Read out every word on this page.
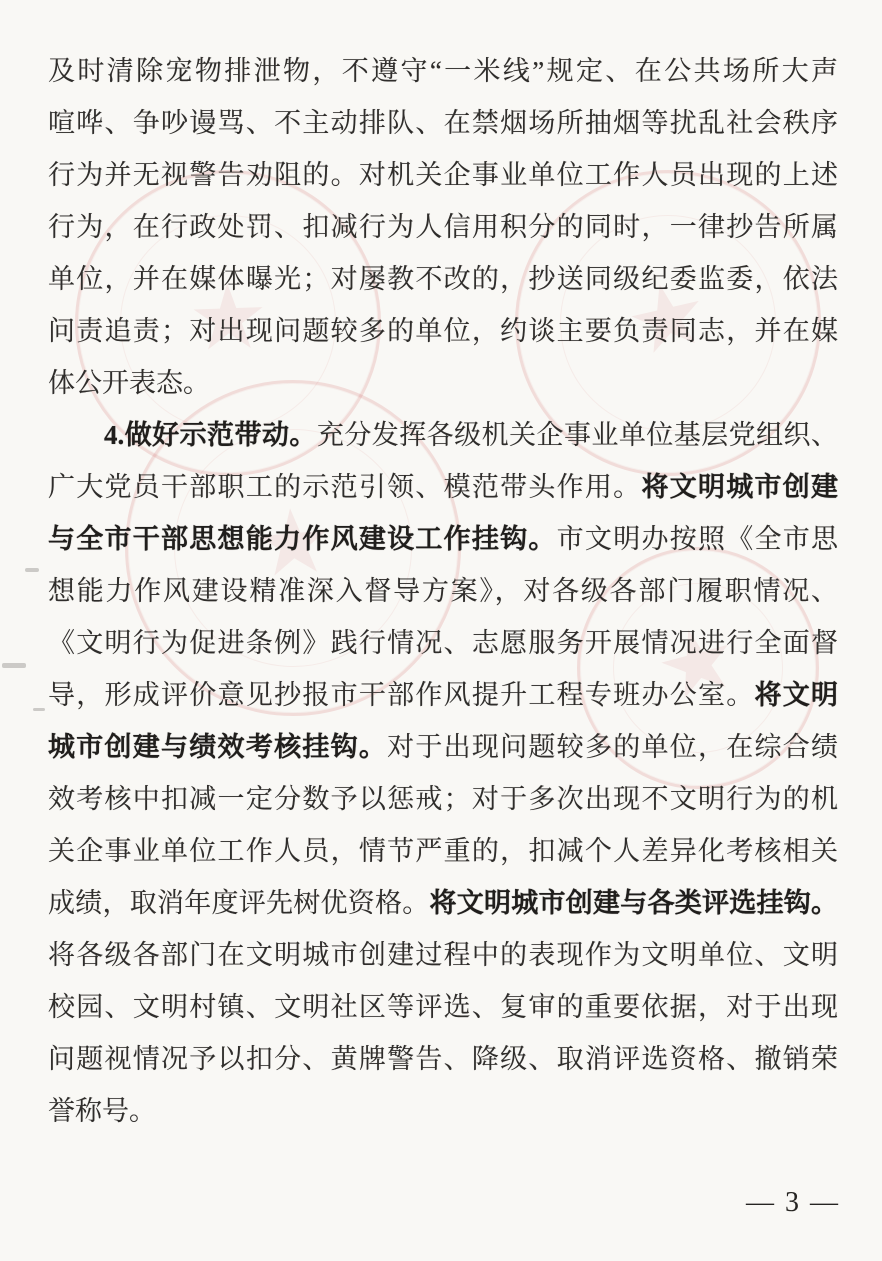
★
★
★
★
及时清除宠物排泄物，不遵守“一米线”规定、在公共场所大声
喧哗、争吵谩骂、不主动排队、在禁烟场所抽烟等扰乱社会秩序
行为并无视警告劝阻的。对机关企事业单位工作人员出现的上述
行为，在行政处罚、扣减行为人信用积分的同时，一律抄告所属
单位，并在媒体曝光；对屡教不改的，抄送同级纪委监委，依法
问责追责；对出现问题较多的单位，约谈主要负责同志，并在媒
体公开表态。
4.做好示范带动。充分发挥各级机关企事业单位基层党组织、
广大党员干部职工的示范引领、模范带头作用。将文明城市创建
与全市干部思想能力作风建设工作挂钩。市文明办按照《全市思
想能力作风建设精准深入督导方案》，对各级各部门履职情况、
《文明行为促进条例》践行情况、志愿服务开展情况进行全面督
导，形成评价意见抄报市干部作风提升工程专班办公室。将文明
城市创建与绩效考核挂钩。对于出现问题较多的单位，在综合绩
效考核中扣减一定分数予以惩戒；对于多次出现不文明行为的机
关企事业单位工作人员，情节严重的，扣减个人差异化考核相关
成绩，取消年度评先树优资格。将文明城市创建与各类评选挂钩。
将各级各部门在文明城市创建过程中的表现作为文明单位、文明
校园、文明村镇、文明社区等评选、复审的重要依据，对于出现
问题视情况予以扣分、黄牌警告、降级、取消评选资格、撤销荣
誉称号。
— 3 —
